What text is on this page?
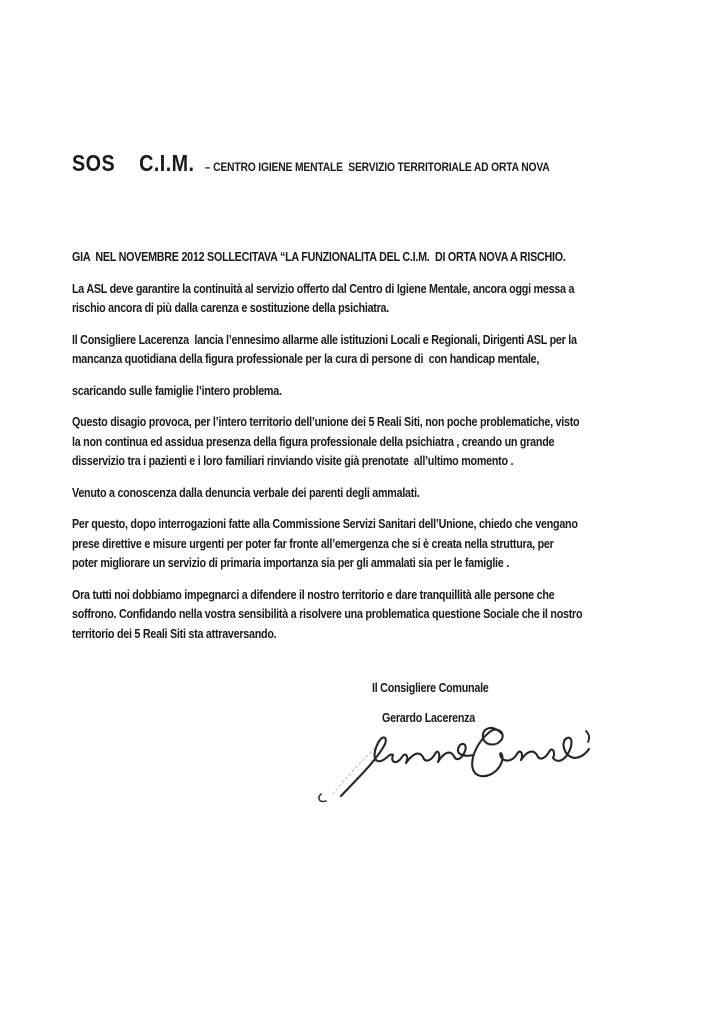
SOS C.I.M. – CENTRO IGIENE MENTALE  SERVIZIO TERRITORIALE AD ORTA NOVA
GIA  NEL NOVEMBRE 2012 SOLLECITAVA “LA FUNZIONALITA DEL C.I.M.  DI ORTA NOVA A RISCHIO.
La ASL deve garantire la continuità al servizio offerto dal Centro di Igiene Mentale, ancora oggi messa a
rischio ancora di più dalla carenza e sostituzione della psichiatra.
Il Consigliere Lacerenza  lancia l’ennesimo allarme alle istituzioni Locali e Regionali, Dirigenti ASL per la
mancanza quotidiana della figura professionale per la cura di persone di  con handicap mentale,
scaricando sulle famiglie l’intero problema.
Questo disagio provoca, per l’intero territorio dell’unione dei 5 Reali Siti, non poche problematiche, visto
la non continua ed assidua presenza della figura professionale della psichiatra , creando un grande
disservizio tra i pazienti e i loro familiari rinviando visite già prenotate  all’ultimo momento .
Venuto a conoscenza dalla denuncia verbale dei parenti degli ammalati.
Per questo, dopo interrogazioni fatte alla Commissione Servizi Sanitari dell’Unione, chiedo che vengano
prese direttive e misure urgenti per poter far fronte all’emergenza che si è creata nella struttura, per
poter migliorare un servizio di primaria importanza sia per gli ammalati sia per le famiglie .
Ora tutti noi dobbiamo impegnarci a difendere il nostro territorio e dare tranquillità alle persone che
soffrono. Confidando nella vostra sensibilità a risolvere una problematica questione Sociale che il nostro
territorio dei 5 Reali Siti sta attraversando.
Il Consigliere Comunale
Gerardo Lacerenza
